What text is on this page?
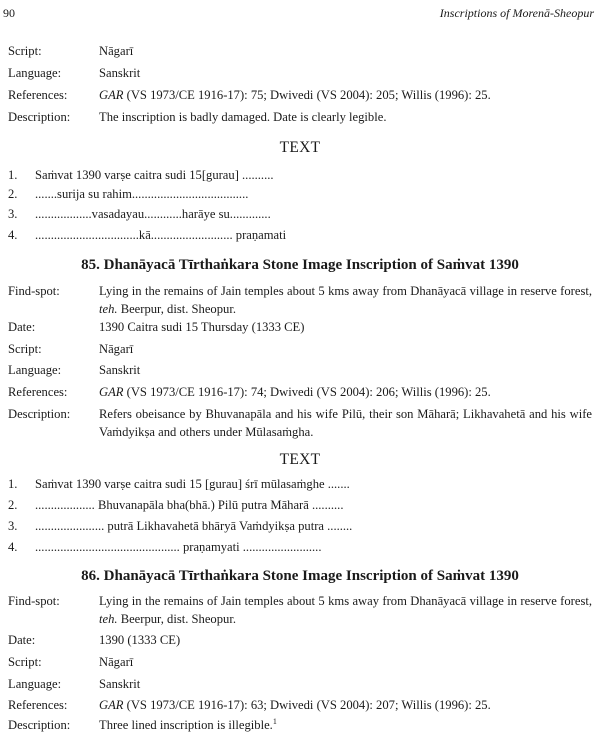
90	Inscriptions of Morenā-Sheopur
Script:	Nāgarī
Language:	Sanskrit
References:	GAR (VS 1973/CE 1916-17): 75; Dwivedi (VS 2004): 205; Willis (1996): 25.
Description:	The inscription is badly damaged. Date is clearly legible.
TEXT
1. Saṁvat 1390 varṣe caitra sudi 15[gurau] ..........
2. .......surija su rahim.....................................
3. ..................vasadayau............harāye su.............
4. .................................kā.......................... praṇamati
85. Dhanāyacā Tīrthaṅkara Stone Image Inscription of Saṁvat 1390
Find-spot:	Lying in the remains of Jain temples about 5 kms away from Dhanāyacā village in reserve forest, teh. Beerpur, dist. Sheopur.
Date:	1390 Caitra sudi 15 Thursday (1333 CE)
Script:	Nāgarī
Language:	Sanskrit
References:	GAR (VS 1973/CE 1916-17): 74; Dwivedi (VS 2004): 206; Willis (1996): 25.
Description:	Refers obeisance by Bhuvanapāla and his wife Pilū, their son Māharā; Likhavahetā and his wife Vaṁdyikṣa and others under Mūlasaṁgha.
TEXT
1. Saṁvat 1390 varṣe caitra sudi 15 [gurau] śrī mūlasaṁghe .......
2. ................... Bhuvanapāla bha(bhā.) Pilū putra Māharā ..........
3. ...................... putrā Likhavahetā bhāryā Vaṁdyikṣa putra ........
4. .............................................. praṇamyati .........................
86. Dhanāyacā Tīrthaṅkara Stone Image Inscription of Saṁvat 1390
Find-spot:	Lying in the remains of Jain temples about 5 kms away from Dhanāyacā village in reserve forest, teh. Beerpur, dist. Sheopur.
Date:	1390 (1333 CE)
Script:	Nāgarī
Language:	Sanskrit
References:	GAR (VS 1973/CE 1916-17): 63; Dwivedi (VS 2004): 207; Willis (1996): 25.
Description:	Three lined inscription is illegible.$^1$
